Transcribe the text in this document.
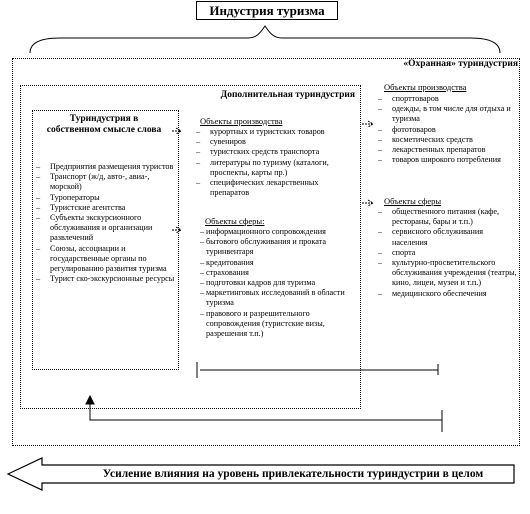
Индустрия туризма
«Охранная» туриндустрия
Дополнительная туриндустрия
Туриндустрия в
собственном смысле слова
– Предприятия размещения туристов
– Транспорт (ж/д, авто-, авиа-, морской)
– Туроператоры
– Туристские агентства
– Субъекты экскурсионного обслуживания и организации развлечений
– Союзы, ассоциации и государственные органы по регулированию развития туризма
– Турист ско-экскурсионные ресурсы
Объекты производства
– курортных и туристских товаров
– сувениров
– туристских средств транспорта
– литературы по туризму (каталоги, проспекты, карты пр.)
– специфических лекарственных препаратов
Объекты сферы:
– информационного сопровождения
– бытового обслуживания и проката туринвентаря
– кредитования
– страхования
– подготовки кадров для туризма
– маркетинговых исследований в области туризма
– правового и разрешительного сопровождения (туристские визы, разрешения т.п.)
Объекты производства
– спорттоваров
– одежды, в том числе для отдыха и туризма
– фототоваров
– косметических средств
– лекарственных препаратов
– товаров широкого потребления
Объекты сферы
– общественного питания (кафе, рестораны, бары и т.п.)
– сервисного обслуживания населения
– спорта
– культурно-просветительского обслуживания учреждения (театры, кино, лицеи, музеи и т.п.)
– медицинского обеспечения
Усиление влияния на уровень привлекательности туриндустрии в целом
